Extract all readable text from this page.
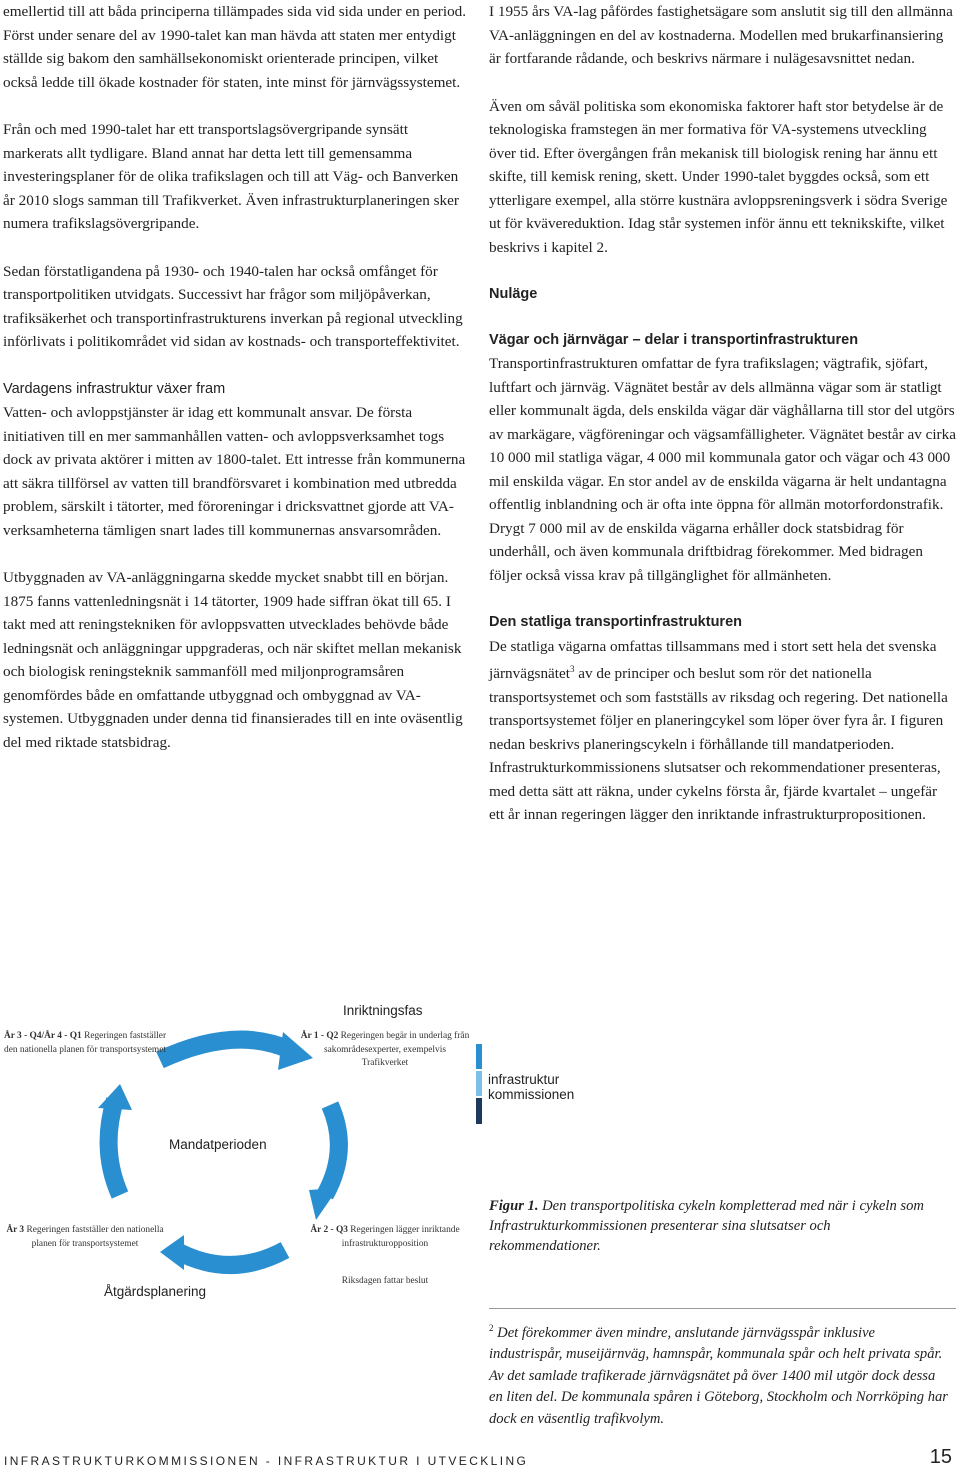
emellertid till att båda principerna tillämpades sida vid sida under en period. Först under senare del av 1990-talet kan man hävda att staten mer entydigt ställde sig bakom den samhällsekonomiskt orienterade principen, vilket också ledde till ökade kostnader för staten, inte minst för järnvägssystemet.

Från och med 1990-talet har ett transportslagsövergripande synsätt markerats allt tydligare. Bland annat har detta lett till gemensamma investeringsplaner för de olika trafikslagen och till att Väg- och Banverken år 2010 slogs samman till Trafikverket. Även infrastrukturplaneringen sker numera trafikslagsövergripande.

Sedan förstatligandena på 1930- och 1940-talen har också omfånget för transportpolitiken utvidgats. Successivt har frågor som miljöpåverkan, trafiksäkerhet och transportinfrastrukturens inverkan på regional utveckling införlivats i politikområdet vid sidan av kostnads- och transporteffektivitet.

Vardagens infrastruktur växer fram

Vatten- och avloppstjänster är idag ett kommunalt ansvar. De första initiativen till en mer sammanhållen vatten- och avloppsverksamhet togs dock av privata aktörer i mitten av 1800-talet. Ett intresse från kommunerna att säkra tillförsel av vatten till brandförsvaret i kombination med utbredda problem, särskilt i tätorter, med föroreningar i dricksvattnet gjorde att VA-verksamheterna tämligen snart lades till kommunernas ansvarsområden.

Utbyggnaden av VA-anläggningarna skedde mycket snabbt till en början. 1875 fanns vattenledningsnät i 14 tätorter, 1909 hade siffran ökat till 65. I takt med att reningstekniken för avloppsvatten utvecklades behövde både ledningsnät och anläggningar uppgraderas, och när skiftet mellan mekanisk och biologisk reningsteknik sammanföll med miljonprogramsåren genomfördes både en omfattande utbyggnad och ombyggnad av VA-systemen. Utbyggnaden under denna tid finansierades till en inte oväsentlig del med riktade statsbidrag.

I 1955 års VA-lag påfördes fastighetsägare som anslutit sig till den allmänna VA-anläggningen en del av kostnaderna. Modellen med brukarfinansiering är fortfarande rådande, och beskrivs närmare i nulägesavsnittet nedan.

Även om såväl politiska som ekonomiska faktorer haft stor betydelse är de teknologiska framstegen än mer formativa för VA-systemens utveckling över tid. Efter övergången från mekanisk till biologisk rening har ännu ett skifte, till kemisk rening, skett. Under 1990-talet byggdes också, som ett ytterligare exempel, alla större kustnära avloppsreningsverk i södra Sverige ut för kvävereduktion. Idag står systemen inför ännu ett teknikskifte, vilket beskrivs i kapitel 2.

Nuläge
Vägar och järnvägar – delar i transportinfrastrukturen

Transportinfrastrukturen omfattar de fyra trafikslagen; vägtrafik, sjöfart, luftfart och järnväg. Vägnätet består av dels allmänna vägar som är statligt eller kommunalt ägda, dels enskilda vägar där väghållarna till stor del utgörs av markägare, vägföreningar och vägsamfälligheter. Vägnätet består av cirka 10 000 mil statliga vägar, 4 000 mil kommunala gator och vägar och 43 000 mil enskilda vägar. En stor andel av de enskilda vägarna är helt undantagna offentlig inblandning och är ofta inte öppna för allmän motorfordonstrafik. Drygt 7 000 mil av de enskilda vägarna erhåller dock statsbidrag för underhåll, och även kommunala driftbidrag förekommer. Med bidragen följer också vissa krav på tillgänglighet för allmänheten.

Den statliga transportinfrastrukturen

De statliga vägarna omfattas tillsammans med i stort sett hela det svenska järnvägsnätet$^3$ av de principer och beslut som rör det nationella transportsystemet och som fastställs av riksdag och regering. Det nationella transportsystemet följer en planeringcykel som löper över fyra år. I figuren nedan beskrivs planeringscykeln i förhållande till mandatperioden. Infrastrukturkommissionens slutsatser och rekommendationer presenteras, med detta sätt att räkna, under cykelns första år, fjärde kvartalet – ungefär ett år innan regeringen lägger den inriktande infrastrukturpropositionen.

Inriktningsfas
Mandatperioden
Åtgärdsplanering
År 3 - Q4/År 4 - Q1 Regeringen fastställer den nationella planen för transportsystemet
År 1 - Q2 Regeringen begär in underlag från sakområdesexperter, exempelvis Trafikverket
År 3 Regeringen fastställer den nationella planen för transportsystemet
År 2 - Q3 Regeringen lägger inriktande infrastrukturopposition
Riksdagen fattar beslut
infrastruktur
kommissionen
Figur 1. Den transportpolitiska cykeln kompletterad med när i cykeln som Infrastrukturkommissionen presenterar sina slutsatser och rekommendationer.
$^2$ Det förekommer även mindre, anslutande järnvägsspår inklusive industrispår, museijärnväg, hamnspår, kommunala spår och helt privata spår. Av det samlade trafikerade järnvägsnätet på över 1400 mil utgör dock dessa en liten del. De kommunala spåren i Göteborg, Stockholm och Norrköping har dock en väsentlig trafikvolym.
INFRASTRUKTURKOMMISSIONEN - INFRASTRUKTUR I UTVECKLING	15
